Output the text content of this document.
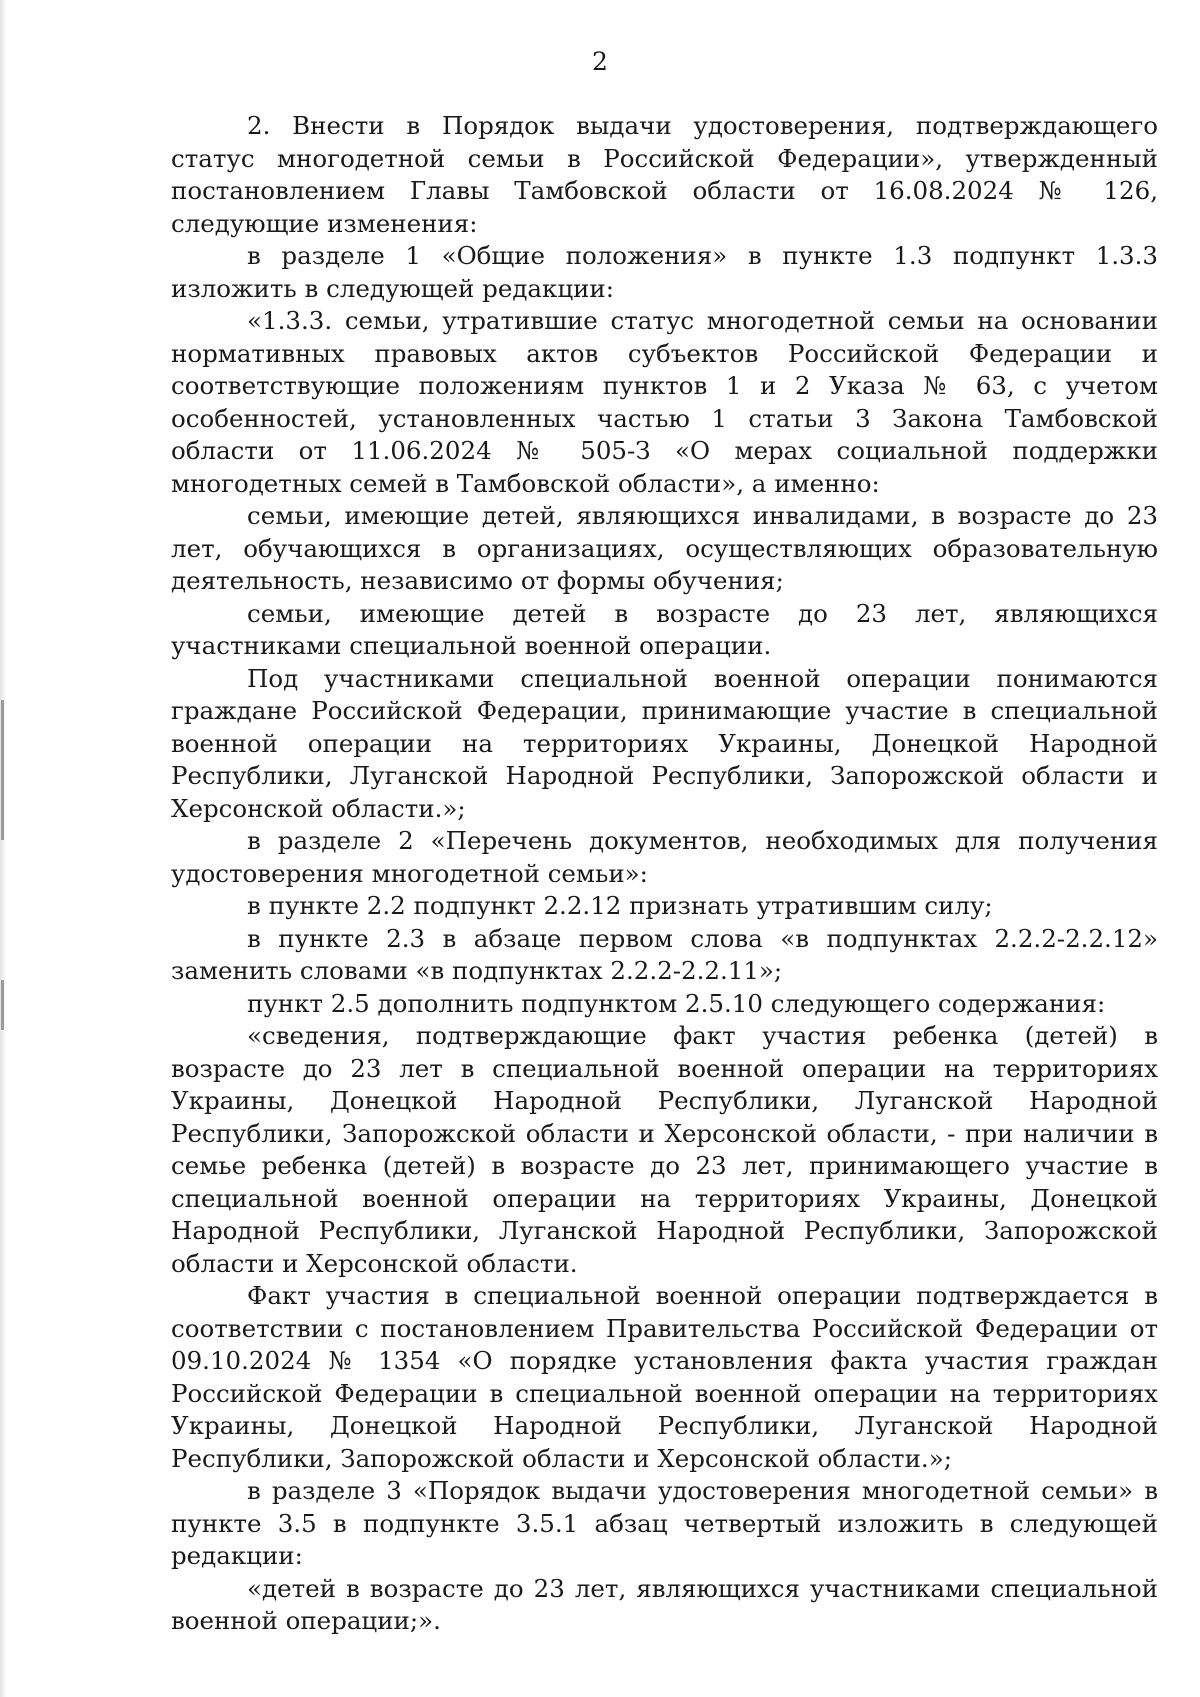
2

2. Внести в Порядок выдачи удостоверения, подтверждающего статус многодетной семьи в Российской Федерации», утвержденный постановлением Главы Тамбовской области от 16.08.2024 № 126, следующие изменения:

в разделе 1 «Общие положения» в пункте 1.3 подпункт 1.3.3 изложить в следующей редакции:

«1.3.3. семьи, утратившие статус многодетной семьи на основании нормативных правовых актов субъектов Российской Федерации и соответствующие положениям пунктов 1 и 2 Указа № 63, с учетом особенностей, установленных частью 1 статьи 3 Закона Тамбовской области от 11.06.2024 № 505-З «О мерах социальной поддержки многодетных семей в Тамбовской области», а именно:

семьи, имеющие детей, являющихся инвалидами, в возрасте до 23 лет, обучающихся в организациях, осуществляющих образовательную деятельность, независимо от формы обучения;

семьи, имеющие детей в возрасте до 23 лет, являющихся участниками специальной военной операции.

Под участниками специальной военной операции понимаются граждане Российской Федерации, принимающие участие в специальной военной операции на территориях Украины, Донецкой Народной Республики, Луганской Народной Республики, Запорожской области и Херсонской области.»;

в разделе 2 «Перечень документов, необходимых для получения удостоверения многодетной семьи»:

в пункте 2.2 подпункт 2.2.12 признать утратившим силу;

в пункте 2.3 в абзаце первом слова «в подпунктах 2.2.2-2.2.12» заменить словами «в подпунктах 2.2.2-2.2.11»;

пункт 2.5 дополнить подпунктом 2.5.10 следующего содержания:

«сведения, подтверждающие факт участия ребенка (детей) в возрасте до 23 лет в специальной военной операции на территориях Украины, Донецкой Народной Республики, Луганской Народной Республики, Запорожской области и Херсонской области, - при наличии в семье ребенка (детей) в возрасте до 23 лет, принимающего участие в специальной военной операции на территориях Украины, Донецкой Народной Республики, Луганской Народной Республики, Запорожской области и Херсонской области.

Факт участия в специальной военной операции подтверждается в соответствии с постановлением Правительства Российской Федерации от 09.10.2024 № 1354 «О порядке установления факта участия граждан Российской Федерации в специальной военной операции на территориях Украины, Донецкой Народной Республики, Луганской Народной Республики, Запорожской области и Херсонской области.»;

в разделе 3 «Порядок выдачи удостоверения многодетной семьи» в пункте 3.5 в подпункте 3.5.1 абзац четвертый изложить в следующей редакции:

«детей в возрасте до 23 лет, являющихся участниками специальной военной операции;».
